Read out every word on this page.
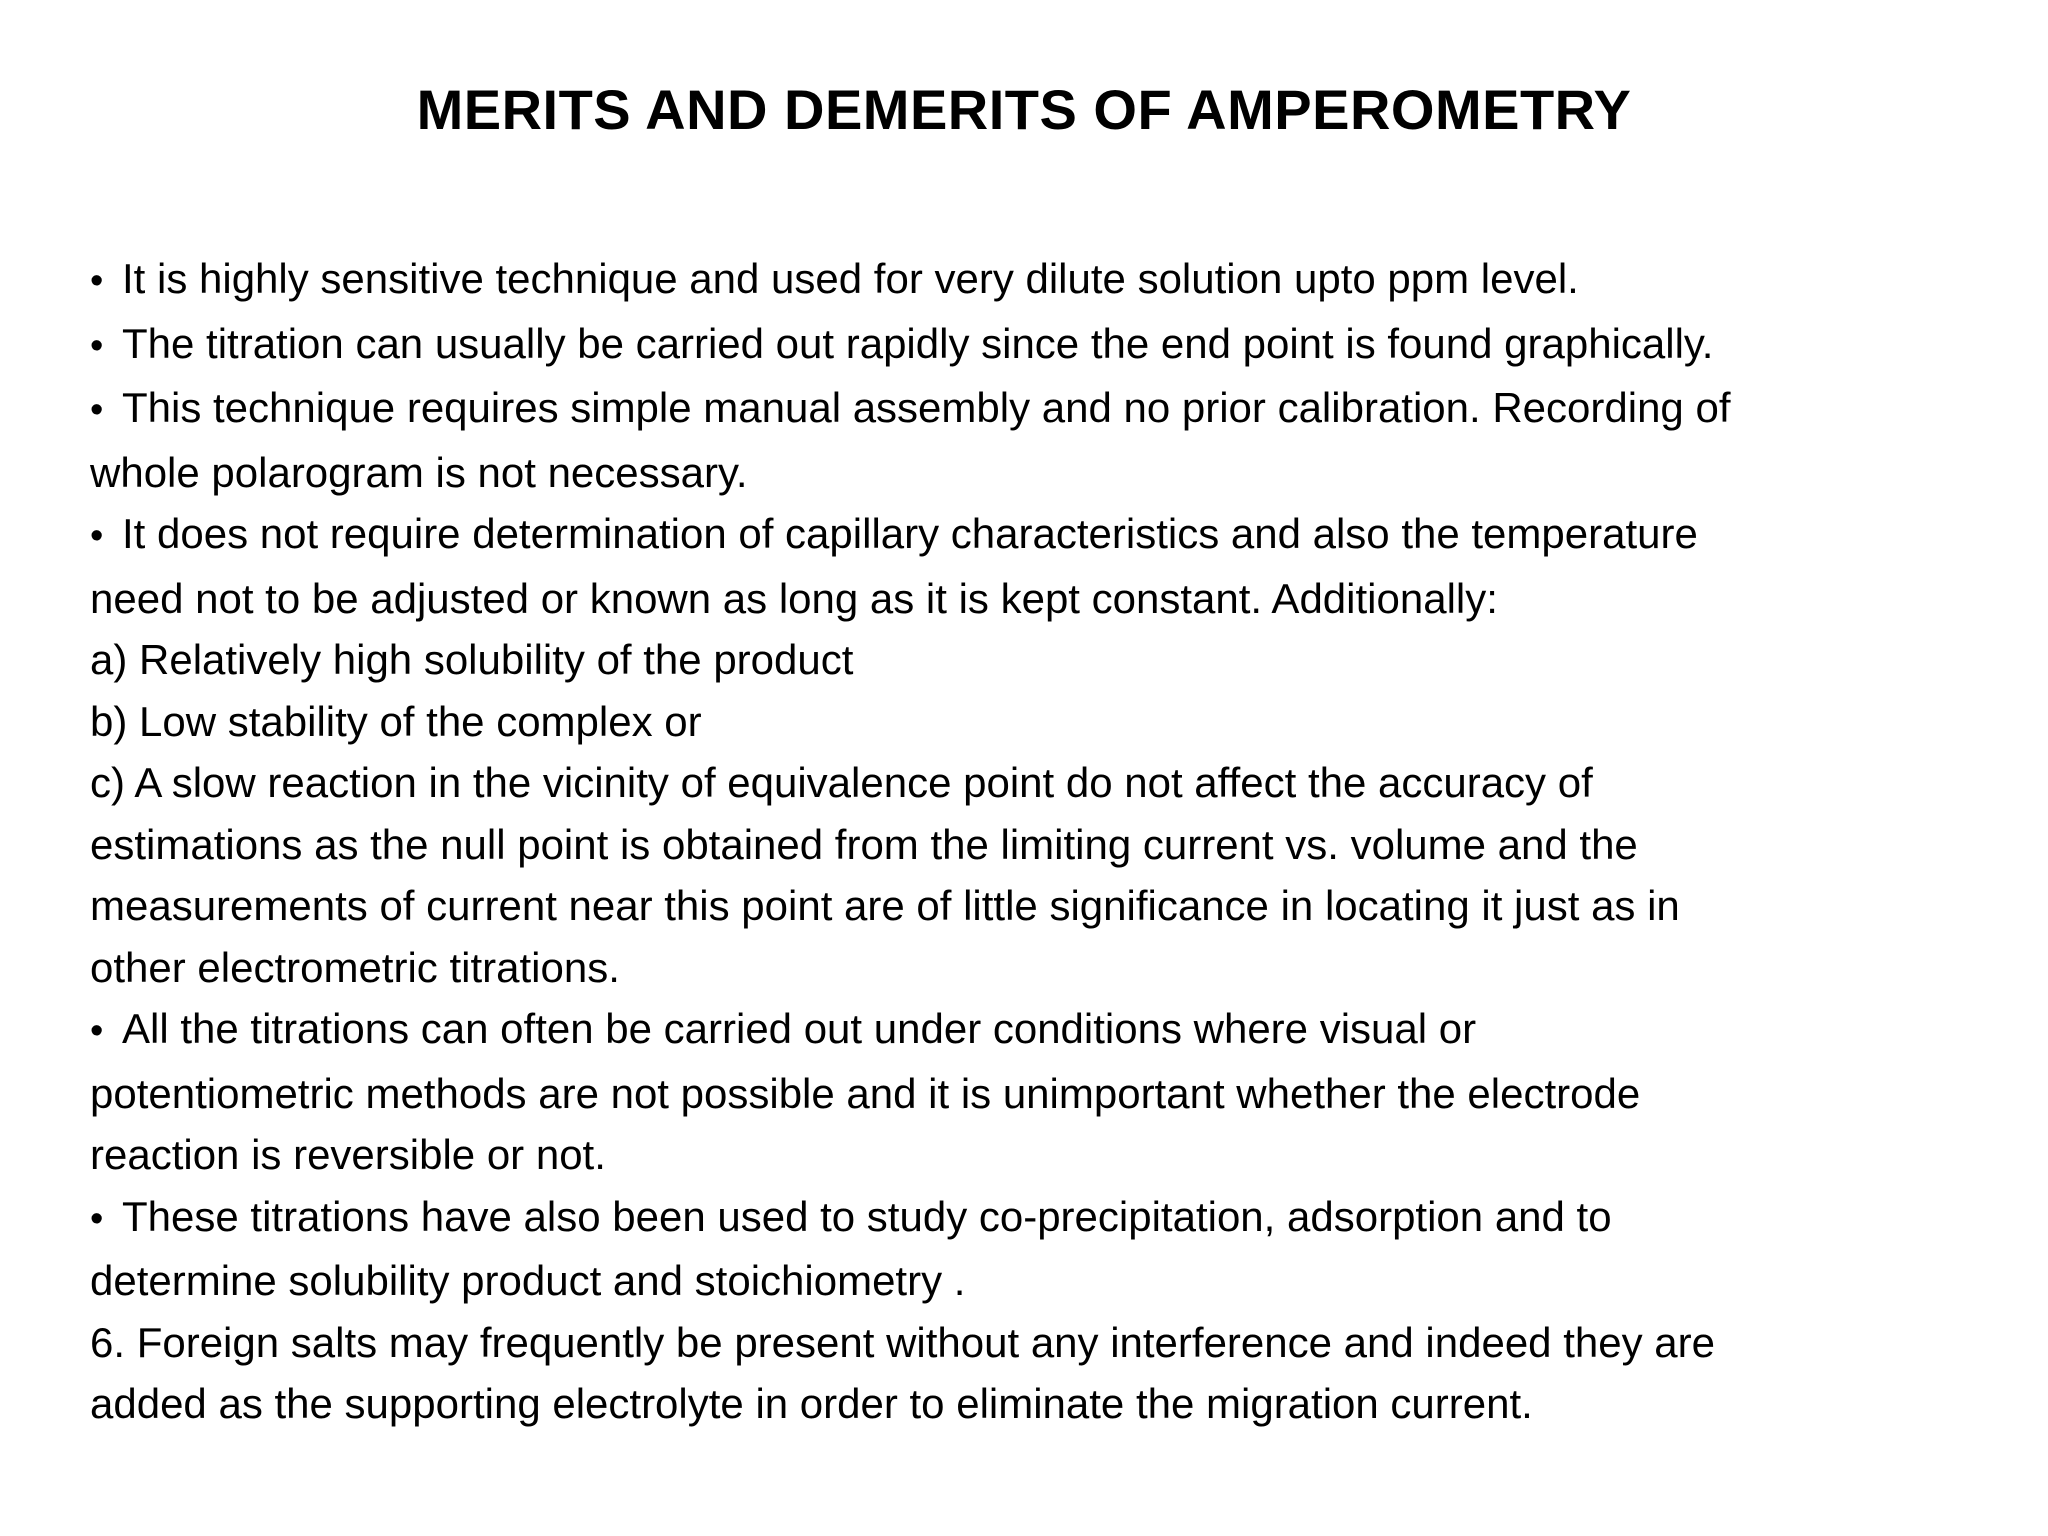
MERITS AND DEMERITS OF AMPEROMETRY
• It is highly sensitive technique and used for very dilute solution upto ppm level.
• The titration can usually be carried out rapidly since the end point is found graphically.
• This technique requires simple manual assembly and no prior calibration. Recording of
whole polarogram is not necessary.
• It does not require determination of capillary characteristics and also the temperature
need not to be adjusted or known as long as it is kept constant. Additionally:
a) Relatively high solubility of the product
b) Low stability of the complex or
c) A slow reaction in the vicinity of equivalence point do not affect the accuracy of
estimations as the null point is obtained from the limiting current vs. volume and the
measurements of current near this point are of little significance in locating it just as in
other electrometric titrations.
• All the titrations can often be carried out under conditions where visual or
potentiometric methods are not possible and it is unimportant whether the electrode
reaction is reversible or not.
• These titrations have also been used to study co-precipitation, adsorption and to
determine solubility product and stoichiometry .
6. Foreign salts may frequently be present without any interference and indeed they are
added as the supporting electrolyte in order to eliminate the migration current.
